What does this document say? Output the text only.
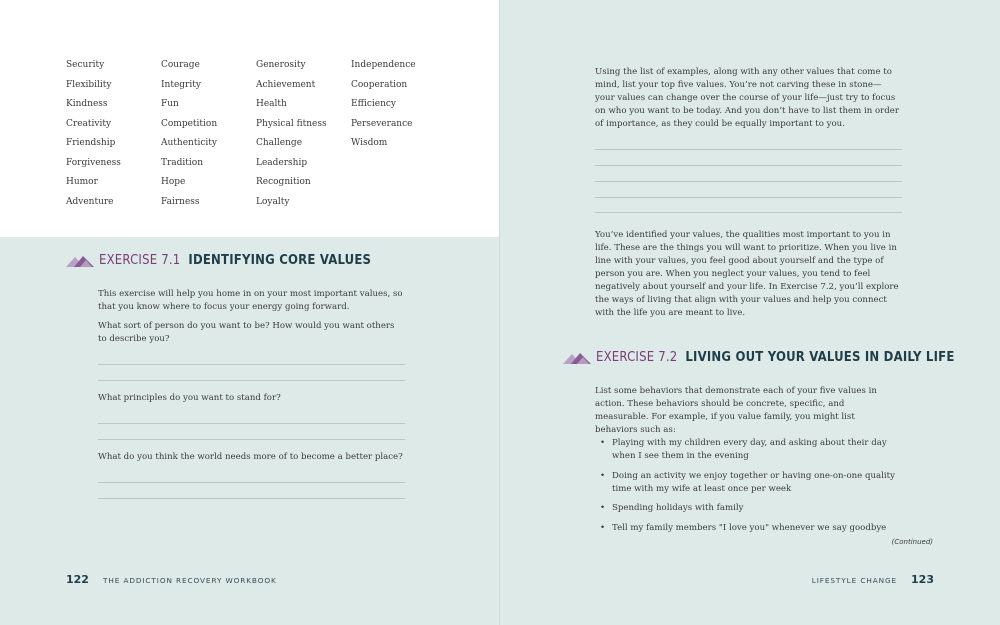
Security
Flexibility
Kindness
Creativity
Friendship
Forgiveness
Humor
Adventure
Courage
Integrity
Fun
Competition
Authenticity
Tradition
Hope
Fairness
Generosity
Achievement
Health
Physical fitness
Challenge
Leadership
Recognition
Loyalty
Independence
Cooperation
Efficiency
Perseverance
Wisdom
EXERCISE 7.1 IDENTIFYING CORE VALUES
This exercise will help you home in on your most important values, so that you know where to focus your energy going forward.
What sort of person do you want to be? How would you want others to describe you?
What principles do you want to stand for?
What do you think the world needs more of to become a better place?
122 THE ADDICTION RECOVERY WORKBOOK
Using the list of examples, along with any other values that come to mind, list your top five values. You’re not carving these in stone—your values can change over the course of your life—just try to focus on who you want to be today. And you don’t have to list them in order of importance, as they could be equally important to you.
You’ve identified your values, the qualities most important to you in life. These are the things you will want to prioritize. When you live in line with your values, you feel good about yourself and the type of person you are. When you neglect your values, you tend to feel negatively about yourself and your life. In Exercise 7.2, you’ll explore the ways of living that align with your values and help you connect with the life you are meant to live.
EXERCISE 7.2 LIVING OUT YOUR VALUES IN DAILY LIFE
List some behaviors that demonstrate each of your five values in action. These behaviors should be concrete, specific, and measurable. For example, if you value family, you might list behaviors such as:
• Playing with my children every day, and asking about their day when I see them in the evening
• Doing an activity we enjoy together or having one-on-one quality time with my wife at least once per week
• Spending holidays with family
• Tell my family members "I love you" whenever we say goodbye
(Continued)
LIFESTYLE CHANGE 123
